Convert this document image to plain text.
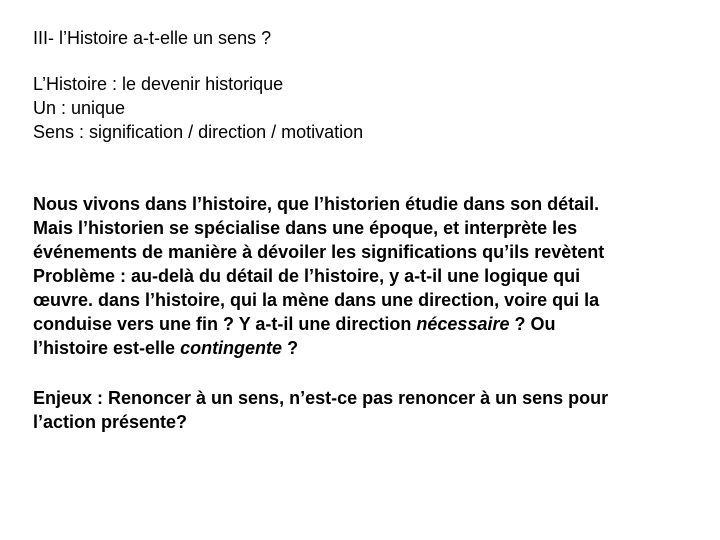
III- l’Histoire a-t-elle un sens ?
L’Histoire : le devenir historique
Un : unique
Sens : signification / direction / motivation
Nous vivons dans l’histoire, que l’historien étudie dans son détail.
Mais l’historien se spécialise dans une époque, et interprète les
événements de manière à dévoiler les significations qu’ils revètent
Problème : au-delà du détail de l’histoire, y a-t-il une logique qui
œuvre. dans l’histoire, qui la mène dans une direction, voire qui la
conduise vers une fin ? Y a-t-il une direction nécessaire ? Ou
l’histoire est-elle contingente ?
Enjeux : Renoncer à un sens, n’est-ce pas renoncer à un sens pour
l’action présente?
